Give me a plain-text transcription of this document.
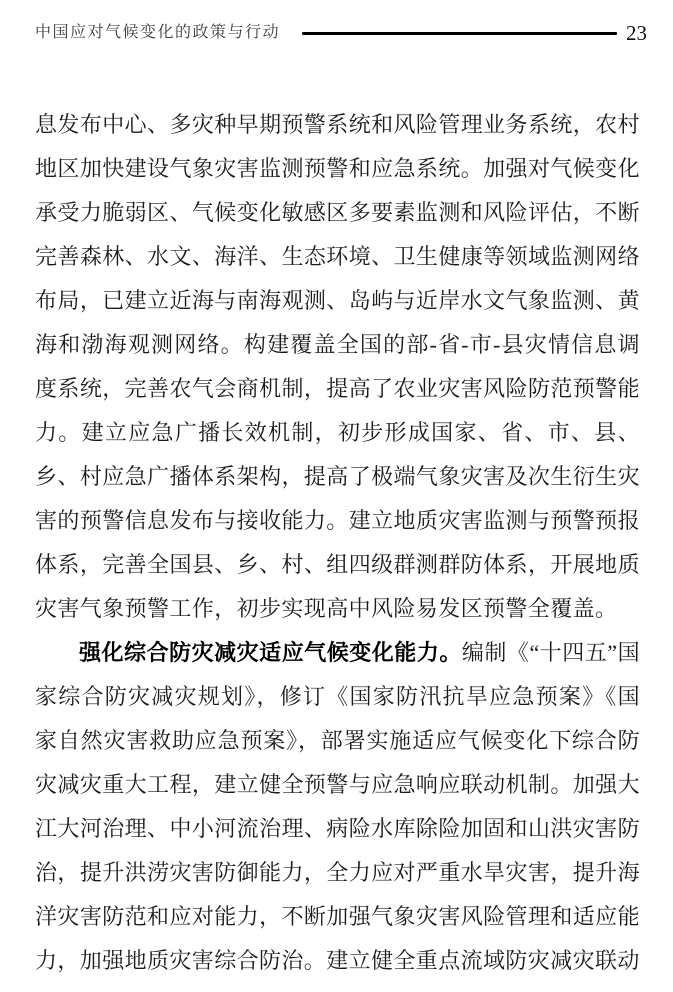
中国应对气候变化的政策与行动	23

息发布中心、多灾种早期预警系统和风险管理业务系统，农村地区加快建设气象灾害监测预警和应急系统。加强对气候变化承受力脆弱区、气候变化敏感区多要素监测和风险评估，不断完善森林、水文、海洋、生态环境、卫生健康等领域监测网络布局，已建立近海与南海观测、岛屿与近岸水文气象监测、黄海和渤海观测网络。构建覆盖全国的部-省-市-县灾情信息调度系统，完善农气会商机制，提高了农业灾害风险防范预警能力。建立应急广播长效机制，初步形成国家、省、市、县、乡、村应急广播体系架构，提高了极端气象灾害及次生衍生灾害的预警信息发布与接收能力。建立地质灾害监测与预警预报体系，完善全国县、乡、村、组四级群测群防体系，开展地质灾害气象预警工作，初步实现高中风险易发区预警全覆盖。

强化综合防灾减灾适应气候变化能力。编制《“十四五”国家综合防灾减灾规划》，修订《国家防汛抗旱应急预案》《国家自然灾害救助应急预案》，部署实施适应气候变化下综合防灾减灾重大工程，建立健全预警与应急响应联动机制。加强大江大河治理、中小河流治理、病险水库除险加固和山洪灾害防治，提升洪涝灾害防御能力，全力应对严重水旱灾害，提升海洋灾害防范和应对能力，不断加强气象灾害风险管理和适应能力，加强地质灾害综合防治。建立健全重点流域防灾减灾联动
